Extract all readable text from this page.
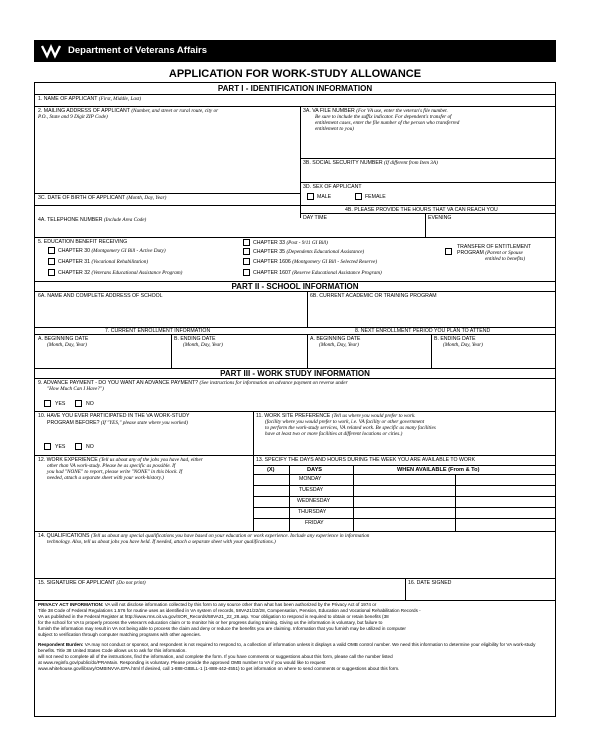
Department of Veterans Affairs
APPLICATION FOR WORK-STUDY ALLOWANCE
PART I - IDENTIFICATION INFORMATION
1. NAME OF APPLICANT (First, Middle, Last)
2. MAILING ADDRESS OF APPLICANT (Number, and street or rural route, city or
P.O., State and 9 Digit ZIP Code)
3A. VA FILE NUMBER (For VA use, enter the veteran's file number.
Be sure to include the suffix indicator. For dependent's transfer of
entitlement cases, enter the file number of the person who transferred
entitlement to you)
3B. SOCIAL SECURITY NUMBER (If different from Item 3A)
3D. SEX OF APPLICANT
MALE	FEMALE
3C. DATE OF BIRTH OF APPLICANT (Month, Day, Year)
4B. PLEASE PROVIDE THE HOURS THAT VA CAN REACH YOU
4A. TELEPHONE NUMBER (Include Area Code)	DAY TIME	EVENING
5. EDUCATION BENEFIT RECEIVING
CHAPTER 30 (Montgomery GI Bill - Active Duty)
CHAPTER 31 (Vocational Rehabilitation)
CHAPTER 32 (Veterans Educational Assistance Program)
CHAPTER 33 (Post - 9/11 GI Bill)
CHAPTER 35 (Dependents Educational Assistance)
CHAPTER 1606 (Montgomery GI Bill - Selected Reserve)
CHAPTER 1607 (Reserve Educational Assistance Program)
TRANSFER OF ENTITLEMENT
PROGRAM (Parent or Spouse
entitled to benefits)
PART II - SCHOOL INFORMATION
6A. NAME AND COMPLETE ADDRESS OF SCHOOL	6B. CURRENT ACADEMIC OR TRAINING PROGRAM
7. CURRENT ENROLLMENT INFORMATION	8. NEXT ENROLLMENT PERIOD YOU PLAN TO ATTEND
A. BEGINNING DATE
(Month, Day, Year)
B. ENDING DATE
(Month, Day, Year)
A. BEGINNING DATE
(Month, Day, Year)
B. ENDING DATE
(Month, Day, Year)
PART III - WORK STUDY INFORMATION
9. ADVANCE PAYMENT - DO YOU WANT AN ADVANCE PAYMENT? (See instructions for information on advance payment on reverse under
"How Much Can I Have?")
YES	NO
10. HAVE YOU EVER PARTICIPATED IN THE VA WORK-STUDY
PROGRAM BEFORE? (If "YES," please state where you worked)
YES	NO
11. WORK SITE PREFERENCE (Tell us where you would prefer to work.
(facility where you would prefer to work, i.e. VA facility or other government
to perform the work-study services, VA related work. Be specific as many facilities
have at least two or more facilities at different locations or cities.)
12. WORK EXPERIENCE (Tell us about any of the jobs you have had, either
other than VA work-study. Please be as specific as possible. If
you had "NONE" to report, please write "NONE" in this block. If
needed, attach a separate sheet with your work-history.)
13. SPECIFY THE DAYS AND HOURS DURING THE WEEK YOU ARE AVAILABLE TO WORK
(X)	DAYS	WHEN AVAILABLE (From & To)
MONDAY
TUESDAY
WEDNESDAY
THURSDAY
FRIDAY
14. QUALIFICATIONS (Tell us about any special qualifications you have based on your education or work experience. Include any experience in information
technology. Also, tell us about jobs you have held. If needed, attach a separate sheet with your qualifications.)
15. SIGNATURE OF APPLICANT (Do not print)	16. DATE SIGNED
PRIVACY ACT INFORMATION: VA will not disclose information collected by this form to any source other than what has been authorized by the Privacy Act of 1974 or
Title 38 Code of Federal Regulations 1.576 for routine uses as identified in VA system of records, 58VA21/22/28, Compensation, Pension, Education and Vocational Rehabilitation Records -
VA as published in the Federal Register at http://www.rms.oit.va.gov/SOR_Records/58VA21_22_28.asp. Your obligation to respond is required to obtain or retain benefits (38
for the school for VA to properly process the veteran's education claim or to monitor his or her progress during training. Giving us the information is voluntary, but failure to
furnish the information may result in VA not being able to process the claim and deny or reduce the benefits you are claiming. Information that you furnish may be utilized in computer
subject to verification through computer matching programs with other agencies.
Respondent Burden: VA may not conduct or sponsor, and respondent is not required to respond to, a collection of information unless it displays a valid OMB control number. We need this information to determine your eligibility for VA work-study benefits. Title 38 United States Code allows us to ask for this information.
will not need to complete all of the instructions, find the information, and complete the form. If you have comments or suggestions about this form, please call the number listed
at www.reginfo.gov/public/do/PRAMain. Responding is voluntary. Please provide the approved OMB number to VA if you would like to request
www.whitehouse.gov/library/OMBINVVA.EPA.html If desired, call 1-888-GIBILL-1 (1-888-442-4551) to get information on where to send comments or suggestions about this form.
